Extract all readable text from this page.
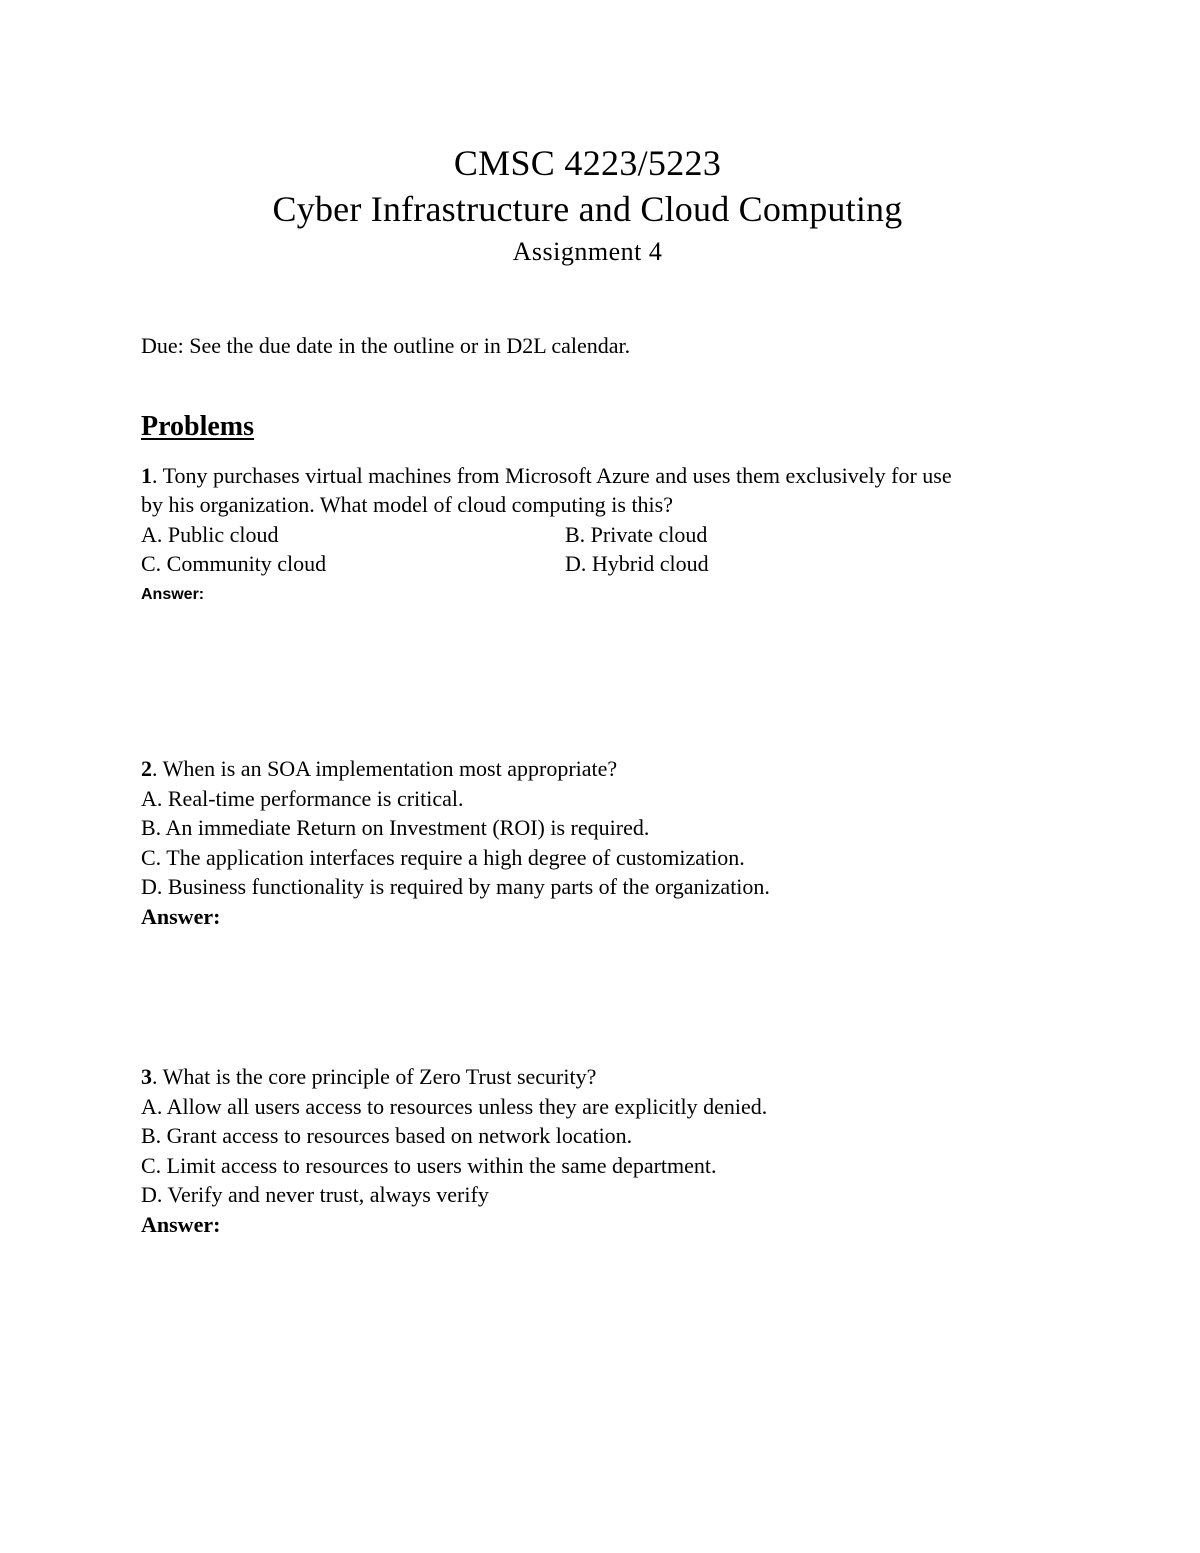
CMSC 4223/5223
Cyber Infrastructure and Cloud Computing
Assignment 4
Due: See the due date in the outline or in D2L calendar.
Problems
1. Tony purchases virtual machines from Microsoft Azure and uses them exclusively for use
by his organization. What model of cloud computing is this?
A. Public cloud	B. Private cloud
C. Community cloud	D. Hybrid cloud
Answer:
2. When is an SOA implementation most appropriate?
A. Real-time performance is critical.
B. An immediate Return on Investment (ROI) is required.
C. The application interfaces require a high degree of customization.
D. Business functionality is required by many parts of the organization.
Answer:
3. What is the core principle of Zero Trust security?
A. Allow all users access to resources unless they are explicitly denied.
B. Grant access to resources based on network location.
C. Limit access to resources to users within the same department.
D. Verify and never trust, always verify
Answer:
